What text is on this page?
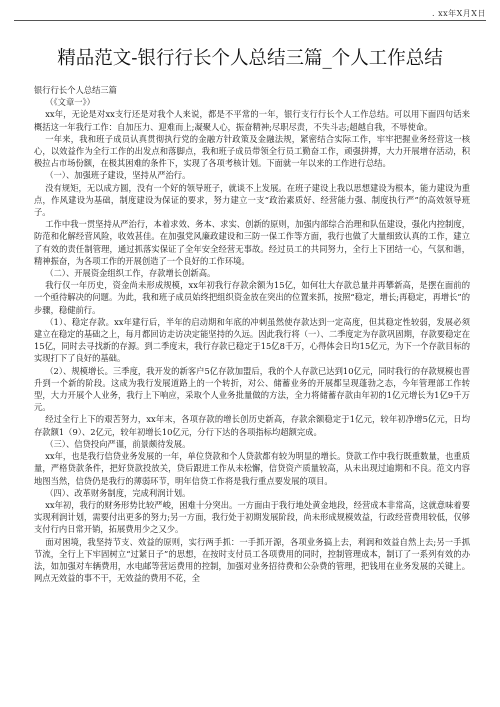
. xx年X月X日
精品范文-银行行长个人总结三篇_个人工作总结

银行行长个人总结三篇

（《文章一》）

xx年，无论是对xx支行还是对我个人来说，都是不平常的一年，银行支行行长个人工作总结。可以用下面四句话来概括这一年我行工作：自加压力、迎难而上;凝聚人心，振奋精神;尽职尽责，不失斗志;超越自我，不辱使命。

一年来，我和班子成员认真贯彻执行党的金融方针政策及金融法规，紧密结合实际工作，牢牢把握业务经营这一核心，以效益作为全行工作的出发点和落脚点，我和班子成员带领全行员工勤奋工作，顽强拼搏，大力开展增存活动，积极拉占市场份额，在极其困难的条件下，实现了各项考核计划。下面就一年以来的工作进行总结。

（一）、加强班子建设，坚持从严治行。

没有规矩，无以成方圆，没有一个好的领导班子，就谈不上发展。在班子建设上我以思想建设为根本，能力建设为重点，作风建设为基础，制度建设为保证的要求，努力建立一支“政治素质好、经营能力强、制度执行严”的高效领导班子。

工作中我一贯坚持从严治行，本着求效、务本、求实、创新的原则，加强内部综合治理和队伍建设，强化内控制度，防范和化解经营风险，收效甚佳。在加强党风廉政建设和三防一保工作等方面，我行也做了大量细致认真的工作，建立了有效的责任制管理，通过抓落实保证了全年安全经营无事故。经过员工的共同努力，全行上下团结一心，气氛和谐，精神振奋，为各项工作的开展创造了一个良好的工作环境。

（二）、开展资金组织工作，存款增长创新高。

我行仅一年历史，资金尚未形成规模，xx年初我行存款余额为15亿，如何壮大存款总量并再攀新高，是摆在面前的一个亟待解决的问题。为此，我和班子成员始终把组织资金放在突出的位置来抓，按照“稳定，增长;再稳定，再增长”的步骤，稳健前行。

（1）、稳定存款。xx年建行后，半年的启动期和年底的冲刺虽然使存款达到一定高度，但其稳定性较弱，发展必须建立在稳定的基础之上，每月都回访走访决定能坚持的久远。因此我行将（一）、二季度定为存款巩固期，存款要稳定在15亿，同时去寻找新的存源。到二季度末，我行存款已稳定于15亿8千万，心得体会日均15亿元，为下一个存款目标的实现打下了良好的基础。

（2）、规模增长。三季度，我开发的新客户5亿存款加盟后，我的个人存款已达到10亿元，同时我行的存款规模也晋升到一个新的阶段。这成为我行发展道路上的一个转折，对公、储蓄业务的开展都呈现蓬勃之态，今年管理部工作转型，大力开展个人业务，我行上下响应，采取个人业务批量做的方法，全力将储蓄存款由年初的1亿元增长为1亿9千万元。

经过全行上下的艰苦努力，xx年末，各项存款的增长创历史新高，存款余额稳定于1亿元，较年初净增5亿元，日均存款额1（9）、2亿元，较年初增长10亿元，分行下达的各项指标均超额完成。

（三）、信贷投向严谨，前景颇待发展。

xx年，也是我行信贷业务发展的一年，单位贷款和个人贷款都有较为明显的增长。贷款工作中我行既重数量，也重质量，严格贷款条件，把好贷款投放关，贷后跟进工作从未松懈，信贷资产质量较高，从未出现过逾期和不良。范文内容地图当然，信贷仍是我行的薄弱环节，明年信贷工作将是我行重点要发展的项目。

（四）、改革财务制度，完成利润计划。

xx年初，我行的财务形势比较严峻，困难十分突出。一方面由于我行地处黄金地段，经营成本非常高，这就意味着要实现利润计划，需要付出更多的努力;另一方面，我行处于初期发展阶段，尚未形成规模效益，行政经营费用较低，仅够支付行内日常开销，拓展费用少之又少。

面对困境，我坚持节支、效益的原则，实行两手抓：一手抓开源，各项业务搞上去，利润和效益自然上去;另一手抓节流，全行上下牢固树立“过紧日子”的思想，在按时支付员工各项费用的同时，控制管理成本，制订了一系列有效的办法，如加强对车辆费用，水电邮等营运费用的控制，加强对业务招待费和公杂费的管理，把钱用在业务发展的关键上。网点无效益的事不干，无效益的费用不花，全
